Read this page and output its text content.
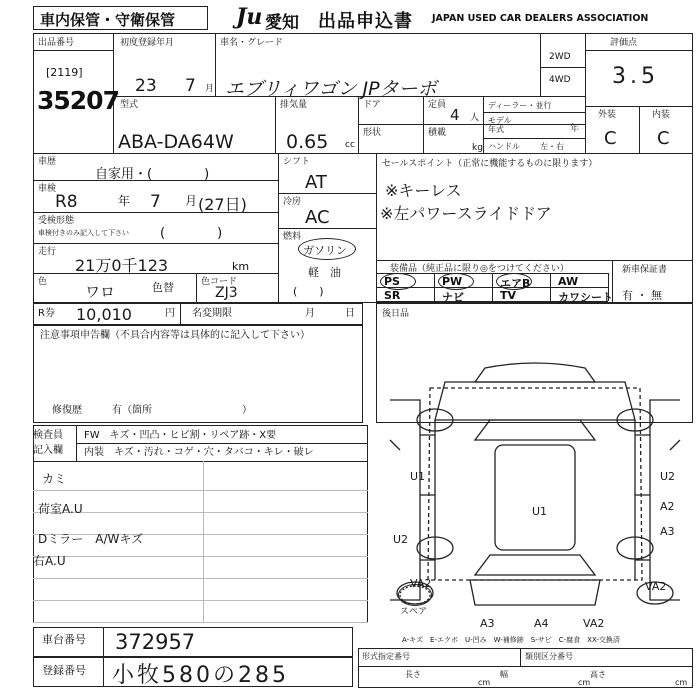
車内保管・守衛保管	Ju 愛知 出品申込書 JAPAN USED CAR DEALERS ASSOCIATION
出品番号
[2119]
35207
初度登録年月
23 7 月
車名・グレード
エブリィワゴン JPターボ
2WD
4WD
評価点
3.5
型式
ABA-DA64W
排気量
0.65 cc
ドア
形状
定員
4 人
積載
kg
ディーラー・並行
モデル年式	年
ハンドル	左・右
外装	内装
C C
車歴
自家用・(　　　　)
車検
R8	年 7 月 (27日)
受検形態
車検付きのみ記入して下さい (　　　　)
走行
21万0千123	km
色
ワロ	色替	色コード
ZJ3
シフト
AT
冷房
AC
燃料
ガソリン
軽　油
(　　)
セールスポイント（正常に機能するものに限ります）
※キーレス
※左パワースライドドア
装備品（純正品に限り◎をつけてください）	新車保証書
有 ・ 無
PS	PW	エアB	AW
SR	ナビ	TV	カワシート
R券 10,010	円 名変期限	月	日	後日品
注意事項申告欄（不具合内容等は具体的に記入して下さい）
修復歴	有（箇所　　　　　　　　　）
検査員
記入欄
FW　キズ・凹凸・ヒビ割・リペア跡・X要
内装　キズ・汚れ・コゲ・穴・タバコ・キレ・破レ
カミ
荷室A.U
Dミラー　A/Wキズ
右A.U
スペア
U1	U2
U1	A2
U2
A3
VA2	VA2
A3	A4	VA2
A-キズ　E-エクボ　U-凹み　W-補修跡　S-サビ　C-腐食　XX-交換済
車台番号 372957
登録番号 小牧580の285
形式指定番号	類別区分番号
長さ
cm
幅
cm
高さ
cm
